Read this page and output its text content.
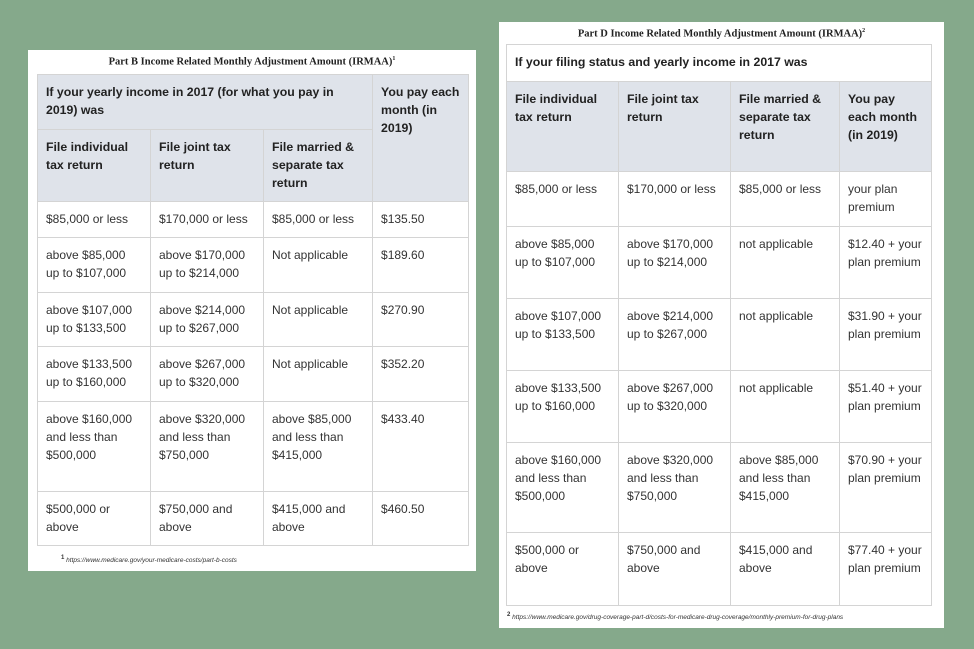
Part B Income Related Monthly Adjustment Amount (IRMAA)$^1$
If your yearly income in 2017 (for what you pay in 2019) was			You pay each month (in 2019)
File individual tax return	File joint tax return	File married & separate tax return	
$85,000 or less	$170,000 or less	$85,000 or less	$135.50
above $85,000 up to $107,000	above $170,000 up to $214,000	Not applicable	$189.60
above $107,000 up to $133,500	above $214,000 up to $267,000	Not applicable	$270.90
above $133,500 up to $160,000	above $267,000 up to $320,000	Not applicable	$352.20
above $160,000 and less than $500,000	above $320,000 and less than $750,000	above $85,000 and less than $415,000	$433.40
$500,000 or above	$750,000 and above	$415,000 and above	$460.50
$^1$ https://www.medicare.gov/your-medicare-costs/part-b-costs
Part D Income Related Monthly Adjustment Amount (IRMAA)$^2$
If your filing status and yearly income in 2017 was			
File individual tax return	File joint tax return	File married & separate tax return	You pay each month (in 2019)
$85,000 or less	$170,000 or less	$85,000 or less	your plan premium
above $85,000 up to $107,000	above $170,000 up to $214,000	not applicable	$12.40 + your plan premium
above $107,000 up to $133,500	above $214,000 up to $267,000	not applicable	$31.90 + your plan premium
above $133,500 up to $160,000	above $267,000 up to $320,000	not applicable	$51.40 + your plan premium
above $160,000 and less than $500,000	above $320,000 and less than $750,000	above $85,000 and less than $415,000	$70.90 + your plan premium
$500,000 or above	$750,000 and above	$415,000 and above	$77.40 + your plan premium
$^2$ https://www.medicare.gov/drug-coverage-part-d/costs-for-medicare-drug-coverage/monthly-premium-for-drug-plans
